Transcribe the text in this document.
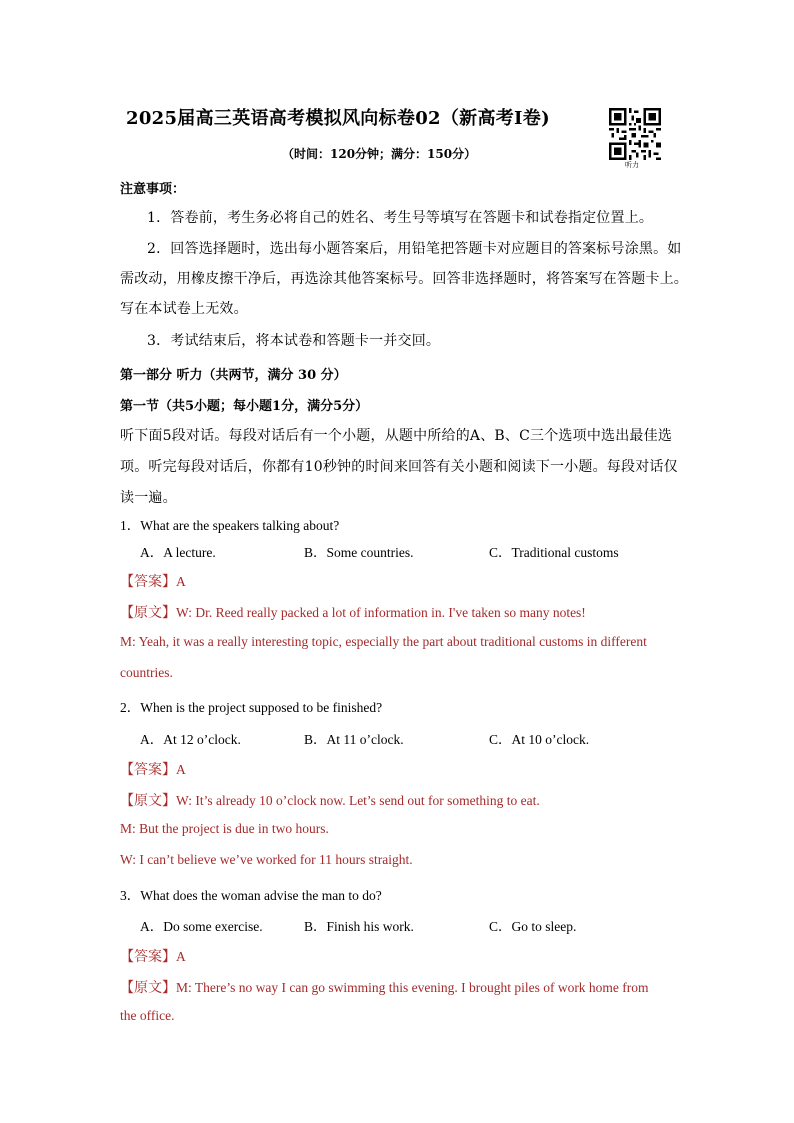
2025届高三英语高考模拟风向标卷02（新高考I卷)
（时间：120分钟；满分：150分）
听力
注意事项：
1．答卷前，考生务必将自己的姓名、考生号等填写在答题卡和试卷指定位置上。
2．回答选择题时，选出每小题答案后，用铅笔把答题卡对应题目的答案标号涂黑。如
需改动，用橡皮擦干净后，再选涂其他答案标号。回答非选择题时，将答案写在答题卡上。
写在本试卷上无效。
3．考试结束后，将本试卷和答题卡一并交回。
第一部分 听力（共两节，满分 30 分）
第一节（共5小题；每小题1分，满分5分）
听下面5段对话。每段对话后有一个小题，从题中所给的A、B、C三个选项中选出最佳选
项。听完每段对话后，你都有10秒钟的时间来回答有关小题和阅读下一小题。每段对话仅
读一遍。
1．What are the speakers talking about?
A．A lecture.	B．Some countries.	C．Traditional customs
【答案】A
【原文】W: Dr. Reed really packed a lot of information in. I've taken so many notes!
M: Yeah, it was a really interesting topic, especially the part about traditional customs in different
countries.
2．When is the project supposed to be finished?
A．At 12 o’clock.	B．At 11 o’clock.	C．At 10 o’clock.
【答案】A
【原文】W: It’s already 10 o’clock now. Let’s send out for something to eat.
M: But the project is due in two hours.
W: I can’t believe we’ve worked for 11 hours straight.
3．What does the woman advise the man to do?
A．Do some exercise.	B．Finish his work.	C．Go to sleep.
【答案】A
【原文】M: There’s no way I can go swimming this evening. I brought piles of work home from
the office.
